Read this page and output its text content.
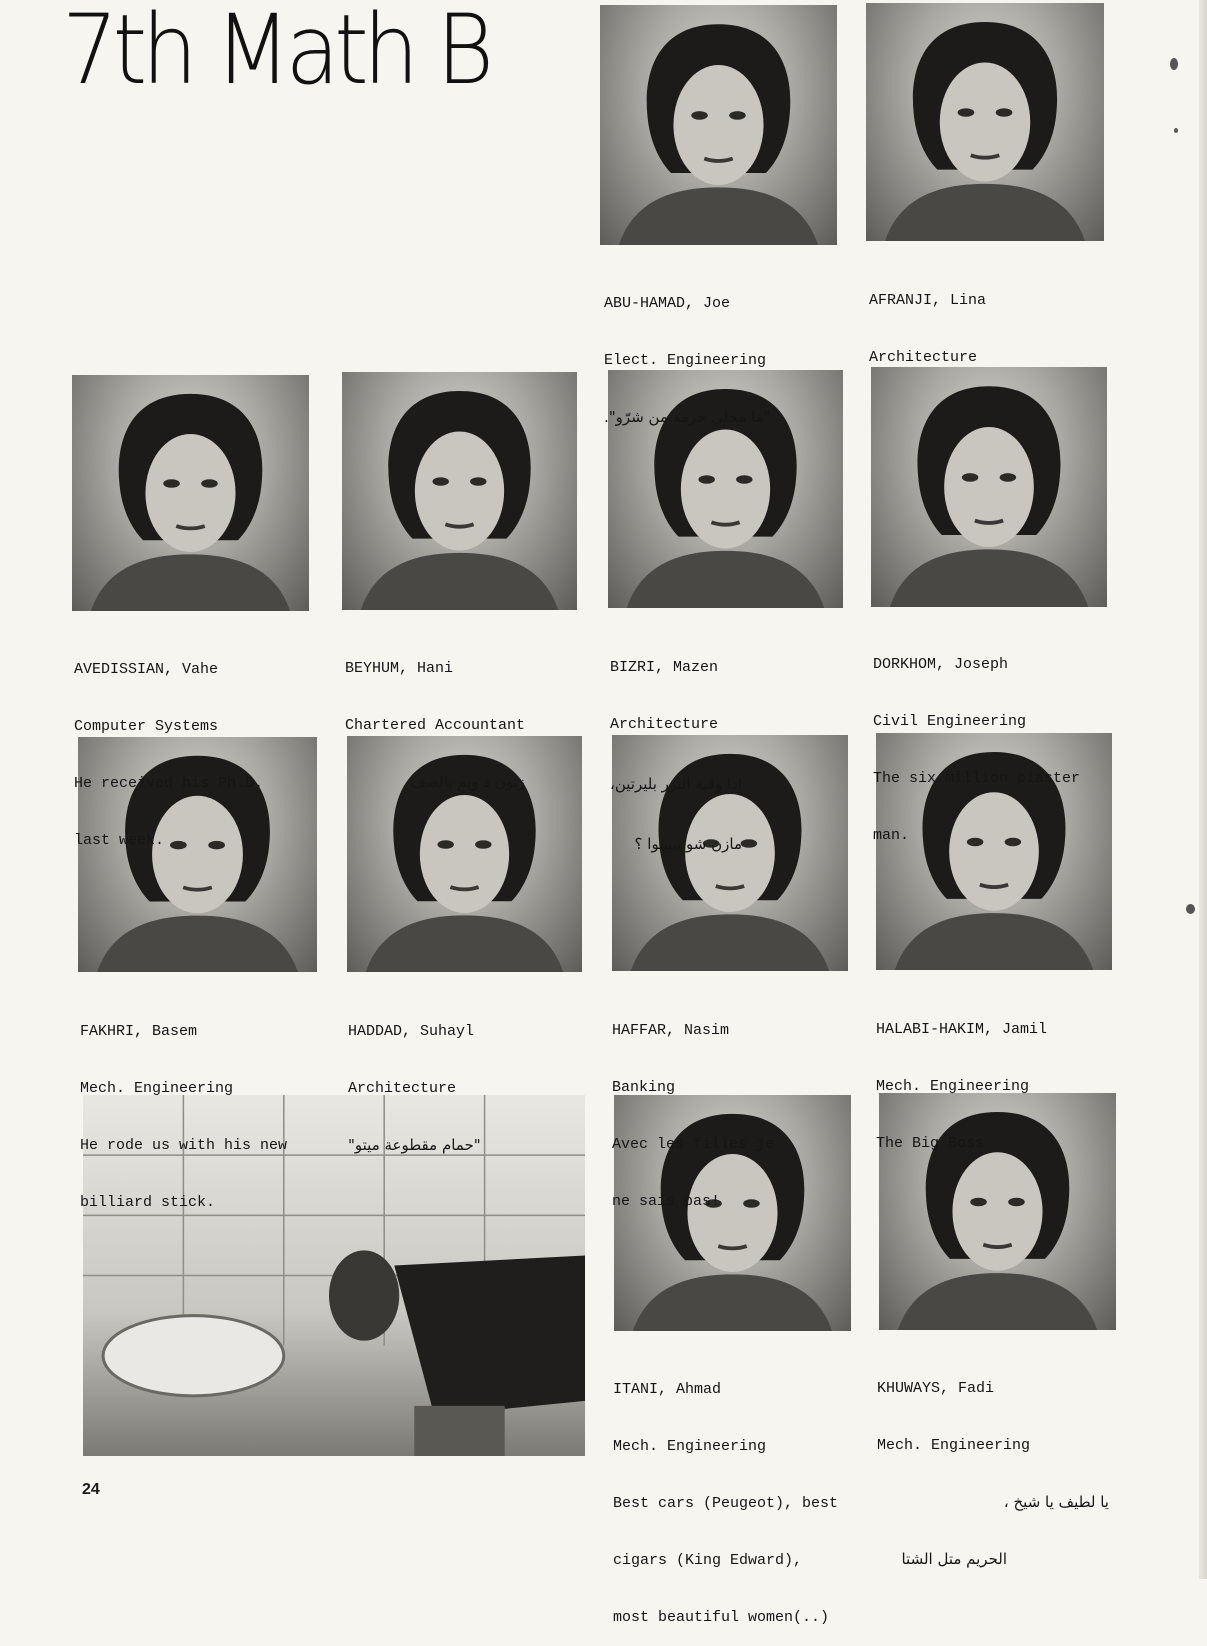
7th Math B

ABU-HAMAD, Joe

Elect. Engineering

"ما مخلي حرمه من شرّو".

AFRANJI, Lina

Architecture

AVEDISSIAN, Vahe

Computer Systems

He received his Ph.D.

last week.

BEYHUM, Hani

Chartered Accountant

زبون د ويم بالصف

BIZRI, Mazen

Architecture

اذا وقية البزر بليرتين،

مازن شو بيسوا ؟

DORKHOM, Joseph

Civil Engineering

The six million piaster

man.

FAKHRI, Basem

Mech. Engineering

He rode us with his new

billiard stick.

HADDAD, Suhayl

Architecture

"حمام مقطوعة ميتو"

HAFFAR, Nasim

Banking

Avec les filles je

ne sais pas!

HALABI-HAKIM, Jamil

Mech. Engineering

The Big Boss

ITANI, Ahmad

Mech. Engineering

Best cars (Peugeot), best

cigars (King Edward),

most beautiful women(..)

KHUWAYS, Fadi

Mech. Engineering

يا لطيف يا شيخ ،

الحريم متل الشتا

24
